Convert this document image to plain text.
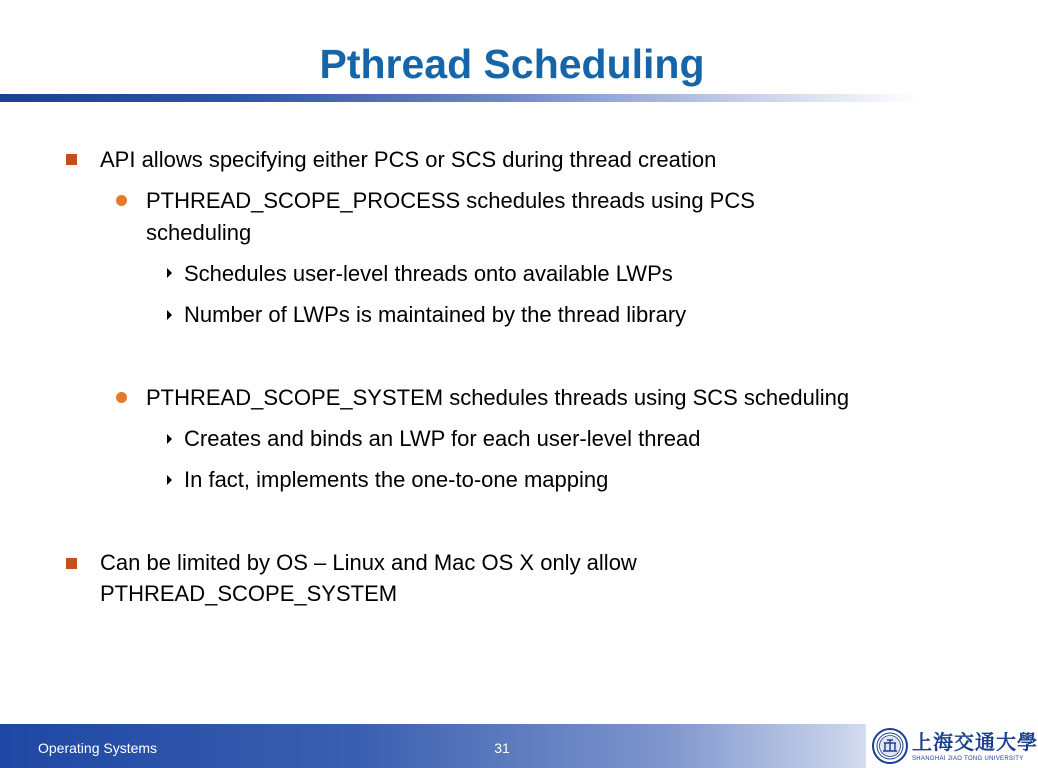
Pthread Scheduling
API allows specifying either PCS or SCS during thread creation
PTHREAD_SCOPE_PROCESS schedules threads using PCS
scheduling
Schedules user-level threads onto available LWPs
Number of LWPs is maintained by the thread library
PTHREAD_SCOPE_SYSTEM schedules threads using SCS scheduling
Creates and binds an LWP for each user-level thread
In fact, implements the one-to-one mapping
Can be limited by OS – Linux and Mac OS X only allow
PTHREAD_SCOPE_SYSTEM
Operating Systems	31	上海交通大學
SHANGHAI JIAO TONG UNIVERSITY
